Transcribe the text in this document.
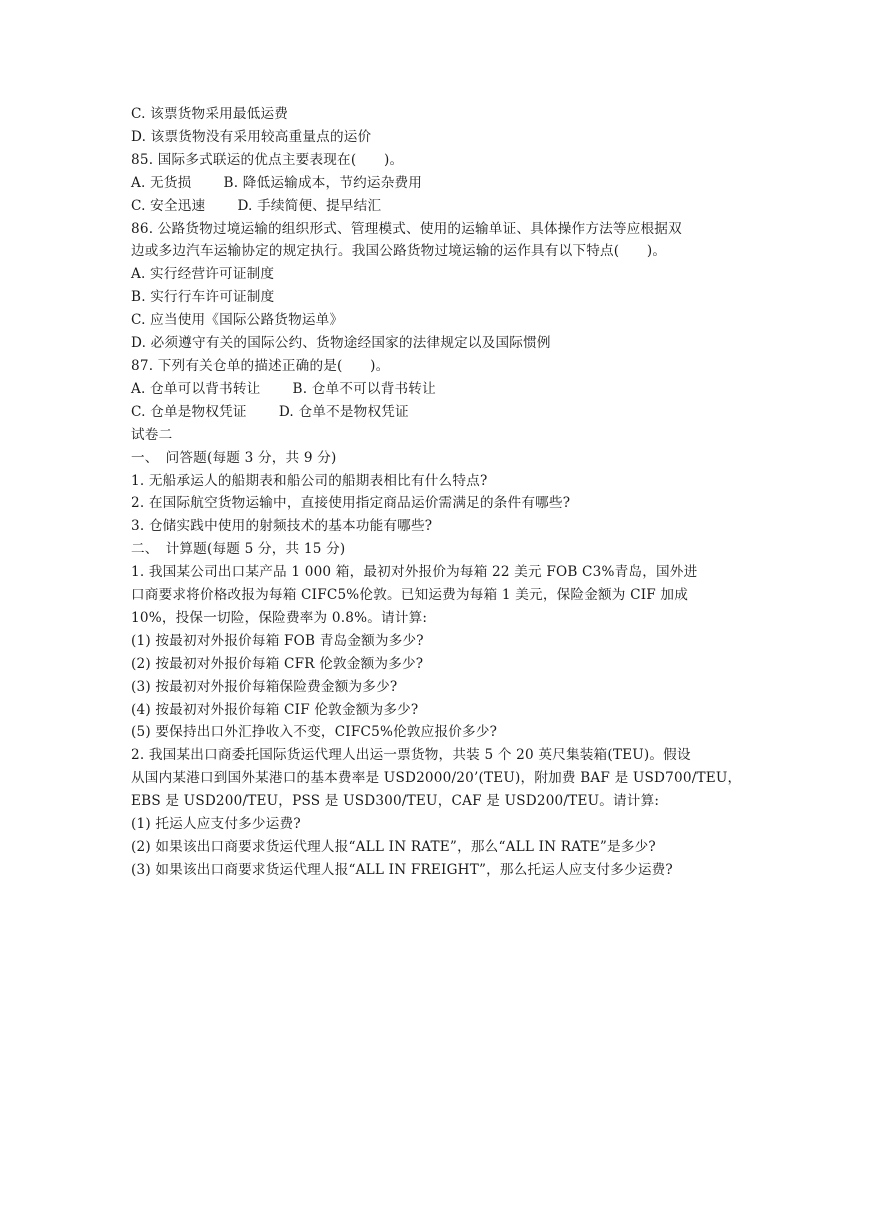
C. 该票货物采用最低运费
D. 该票货物没有采用较高重量点的运价
85. 国际多式联运的优点主要表现在(　　)。
A. 无货损　　 B. 降低运输成本，节约运杂费用
C. 安全迅速　　 D. 手续简便、提早结汇
86. 公路货物过境运输的组织形式、管理模式、使用的运输单证、具体操作方法等应根据双
边或多边汽车运输协定的规定执行。我国公路货物过境运输的运作具有以下特点(　　)。
A. 实行经营许可证制度
B. 实行行车许可证制度
C. 应当使用《国际公路货物运单》
D. 必须遵守有关的国际公约、货物途经国家的法律规定以及国际惯例
87. 下列有关仓单的描述正确的是(　　)。
A. 仓单可以背书转让　　 B. 仓单不可以背书转让
C. 仓单是物权凭证　　 D. 仓单不是物权凭证
试卷二
一、　问答题(每题 3 分，共 9 分)
1. 无船承运人的船期表和船公司的船期表相比有什么特点?
2. 在国际航空货物运输中，直接使用指定商品运价需满足的条件有哪些?
3. 仓储实践中使用的射频技术的基本功能有哪些?
二、　计算题(每题 5 分，共 15 分)
1. 我国某公司出口某产品 1 000 箱，最初对外报价为每箱 22 美元 FOB C3%青岛，国外进
口商要求将价格改报为每箱 CIFC5%伦敦。已知运费为每箱 1 美元，保险金额为 CIF 加成
10%，投保一切险，保险费率为 0.8%。请计算:
(1) 按最初对外报价每箱 FOB 青岛金额为多少?
(2) 按最初对外报价每箱 CFR 伦敦金额为多少?
(3) 按最初对外报价每箱保险费金额为多少?
(4) 按最初对外报价每箱 CIF 伦敦金额为多少?
(5) 要保持出口外汇挣收入不变，CIFC5%伦敦应报价多少?
2. 我国某出口商委托国际货运代理人出运一票货物，共装 5 个 20 英尺集装箱(TEU)。假设
从国内某港口到国外某港口的基本费率是 USD2000/20’(TEU)，附加费 BAF 是 USD700/TEU，
EBS 是 USD200/TEU，PSS 是 USD300/TEU，CAF 是 USD200/TEU。请计算:
(1) 托运人应支付多少运费?
(2) 如果该出口商要求货运代理人报“ALL IN RATE”，那么“ALL IN RATE”是多少?
(3) 如果该出口商要求货运代理人报“ALL IN FREIGHT”，那么托运人应支付多少运费?
